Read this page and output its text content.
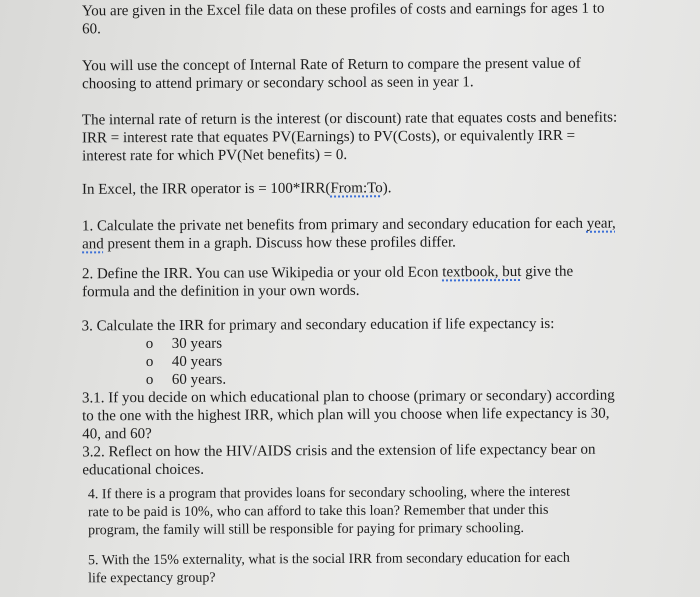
You are given in the Excel file data on these profiles of costs and earnings for ages 1 to
60.
You will use the concept of Internal Rate of Return to compare the present value of
choosing to attend primary or secondary school as seen in year 1.
The internal rate of return is the interest (or discount) rate that equates costs and benefits:
IRR = interest rate that equates PV(Earnings) to PV(Costs), or equivalently IRR =
interest rate for which PV(Net benefits) = 0.
In Excel, the IRR operator is = 100*IRR(From:To).
1. Calculate the private net benefits from primary and secondary education for each year,
and present them in a graph. Discuss how these profiles differ.
2. Define the IRR. You can use Wikipedia or your old Econ textbook, but give the
formula and the definition in your own words.
3. Calculate the IRR for primary and secondary education if life expectancy is:
o 30 years
o 40 years
o 60 years.
3.1. If you decide on which educational plan to choose (primary or secondary) according
to the one with the highest IRR, which plan will you choose when life expectancy is 30,
40, and 60?
3.2. Reflect on how the HIV/AIDS crisis and the extension of life expectancy bear on
educational choices.
4. If there is a program that provides loans for secondary schooling, where the interest
rate to be paid is 10%, who can afford to take this loan? Remember that under this
program, the family will still be responsible for paying for primary schooling.
5. With the 15% externality, what is the social IRR from secondary education for each
life expectancy group?
